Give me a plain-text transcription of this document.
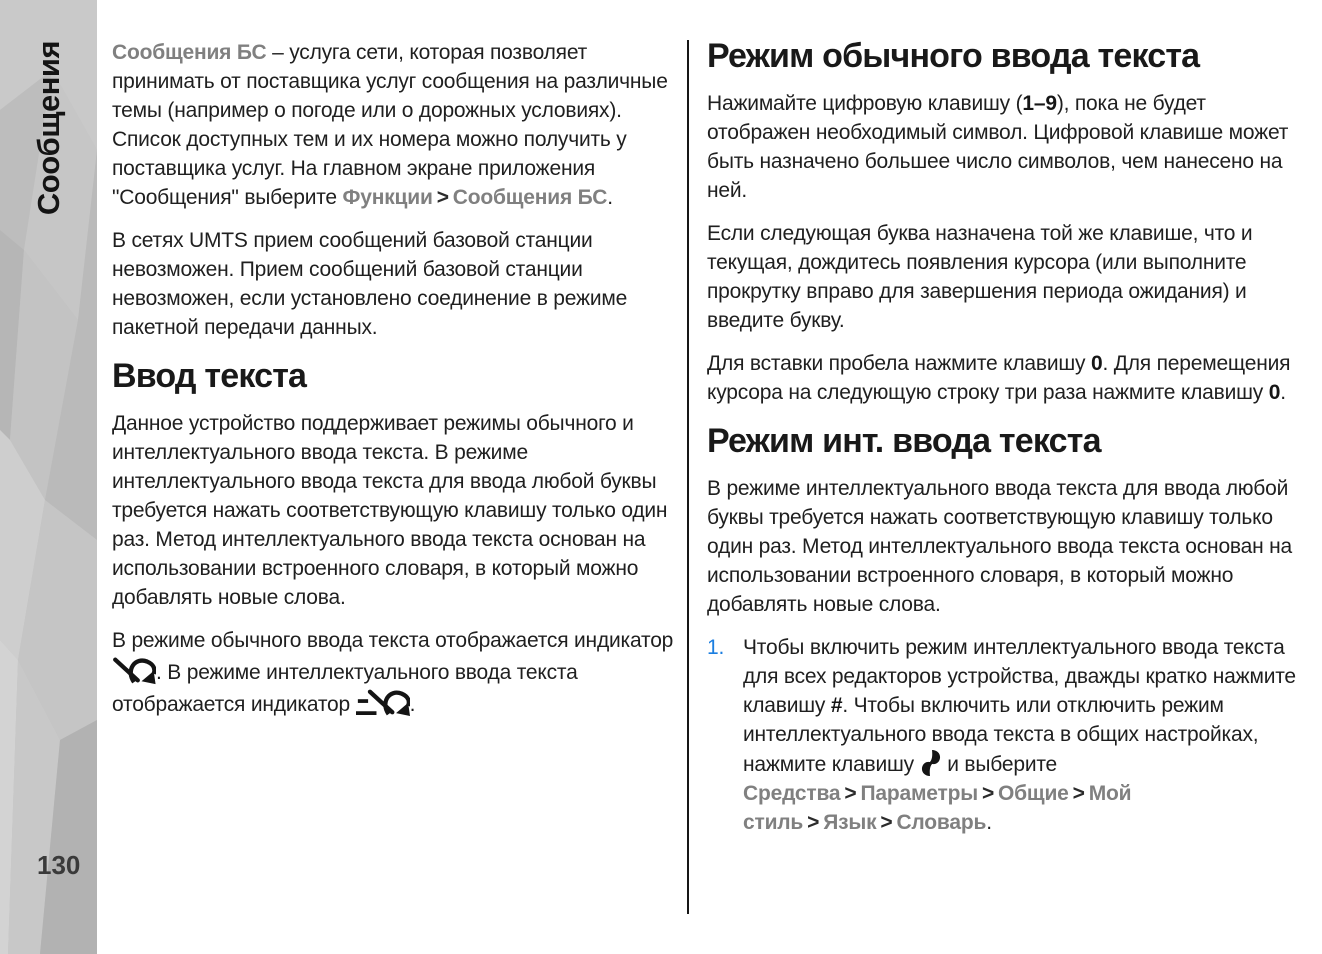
Сообщения
130

Сообщения БС – услуга сети, которая позволяет принимать от поставщика услуг сообщения на различные темы (например о погоде или о дорожных условиях). Список доступных тем и их номера можно получить у поставщика услуг. На главном экране приложения "Сообщения" выберите Функции > Сообщения БС.

В сетях UMTS прием сообщений базовой станции невозможен. Прием сообщений базовой станции невозможен, если установлено соединение в режиме пакетной передачи данных.

Ввод текста

Данное устройство поддерживает режимы обычного и интеллектуального ввода текста. В режиме интеллектуального ввода текста для ввода любой буквы требуется нажать соответствующую клавишу только один раз. Метод интеллектуального ввода текста основан на использовании встроенного словаря, в который можно добавлять новые слова.

В режиме обычного ввода текста отображается индикатор . В режиме интеллектуального ввода текста отображается индикатор	.

Режим обычного ввода текста

Нажимайте цифровую клавишу (1–9), пока не будет отображен необходимый символ. Цифровой клавише может быть назначено большее число символов, чем нанесено на ней.

Если следующая буква назначена той же клавише, что и текущая, дождитесь появления курсора (или выполните прокрутку вправо для завершения периода ожидания) и введите букву.

Для вставки пробела нажмите клавишу 0. Для перемещения курсора на следующую строку три раза нажмите клавишу 0.

Режим инт. ввода текста

В режиме интеллектуального ввода текста для ввода любой буквы требуется нажать соответствующую клавишу только один раз. Метод интеллектуального ввода текста основан на использовании встроенного словаря, в который можно добавлять новые слова.

1. Чтобы включить режим интеллектуального ввода текста для всех редакторов устройства, дважды кратко нажмите клавишу #. Чтобы включить или отключить режим интеллектуального ввода текста в общих настройках, нажмите клавишу  и выберите Средства > Параметры > Общие > Мой стиль > Язык > Словарь.
